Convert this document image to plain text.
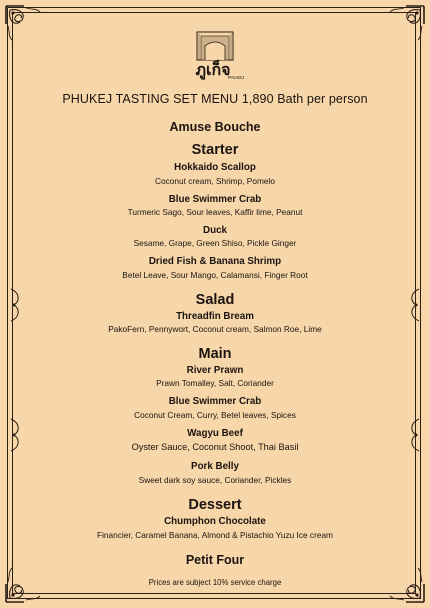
ภูเก็จ
PHUKEJ
PHUKEJ TASTING SET MENU 1,890 Bath per person
Amuse Bouche
Starter
Hokkaido Scallop
Coconut cream, Shrimp, Pomelo
Blue Swimmer Crab
Turmeric Sago, Sour leaves, Kaffir lime, Peanut
Duck
Sesame, Grape, Green Shiso, Pickle Ginger
Dried Fish & Banana Shrimp
Betel Leave, Sour Mango, Calamansi, Finger Root
Salad
Threadfin Bream
PakoFern, Pennywort, Coconut cream, Salmon Roe, Lime
Main
River Prawn
Prawn Tomalley, Salt, Coriander
Blue Swimmer Crab
Coconut Cream, Curry, Betel leaves, Spices
Wagyu Beef
Oyster Sauce, Coconut Shoot, Thai Basil
Pork Belly
Sweet dark soy sauce, Coriander, Pickles
Dessert
Chumphon Chocolate
Financier, Caramel Banana, Almond & Pistachio Yuzu Ice cream
Petit Four
Prices are subject 10% service charge
